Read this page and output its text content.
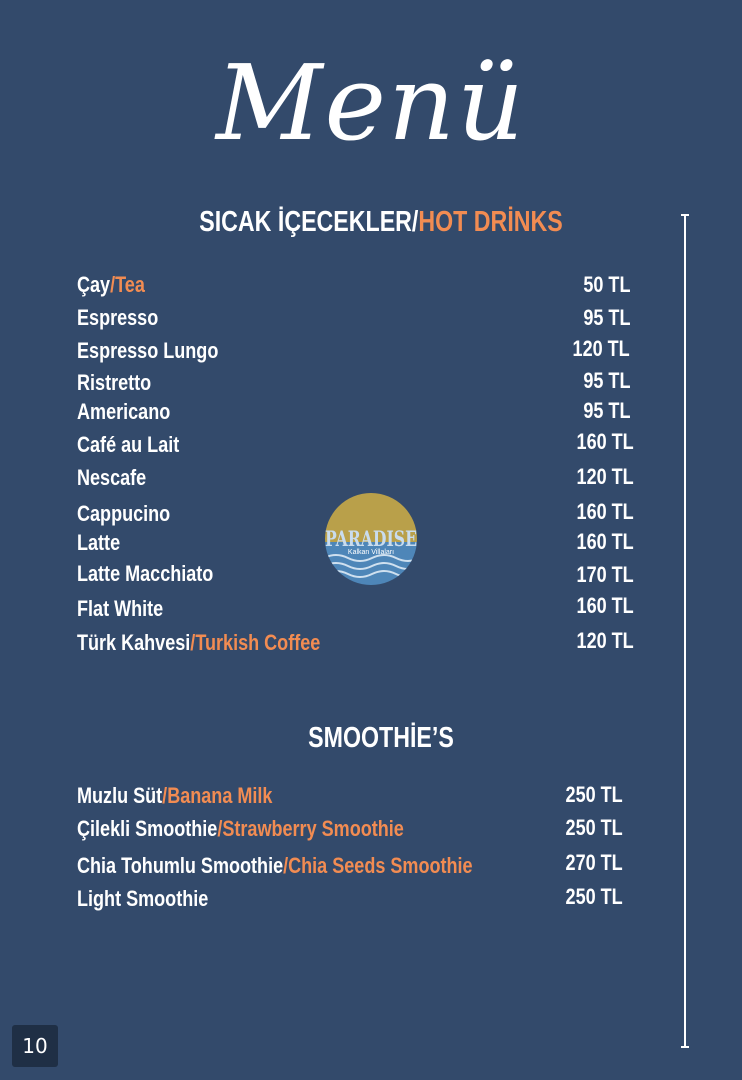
Menü
SICAK İÇECEKLER/HOT DRİNKS
Çay/Tea	50 TL
Espresso	95 TL
Espresso Lungo	120 TL
Ristretto	95 TL
Americano	95 TL
Café au Lait	160 TL
Nescafe	120 TL
Cappucino	160 TL
Latte	160 TL
Latte Macchiato	170 TL
Flat White	160 TL
Türk Kahvesi/Turkish Coffee	120 TL
PARADISE
Kalkan Villaları
SMOOTHİE’S
Muzlu Süt/Banana Milk	250 TL
Çilekli Smoothie/Strawberry Smoothie	250 TL
Chia Tohumlu Smoothie/Chia Seeds Smoothie	270 TL
Light Smoothie	250 TL
10
